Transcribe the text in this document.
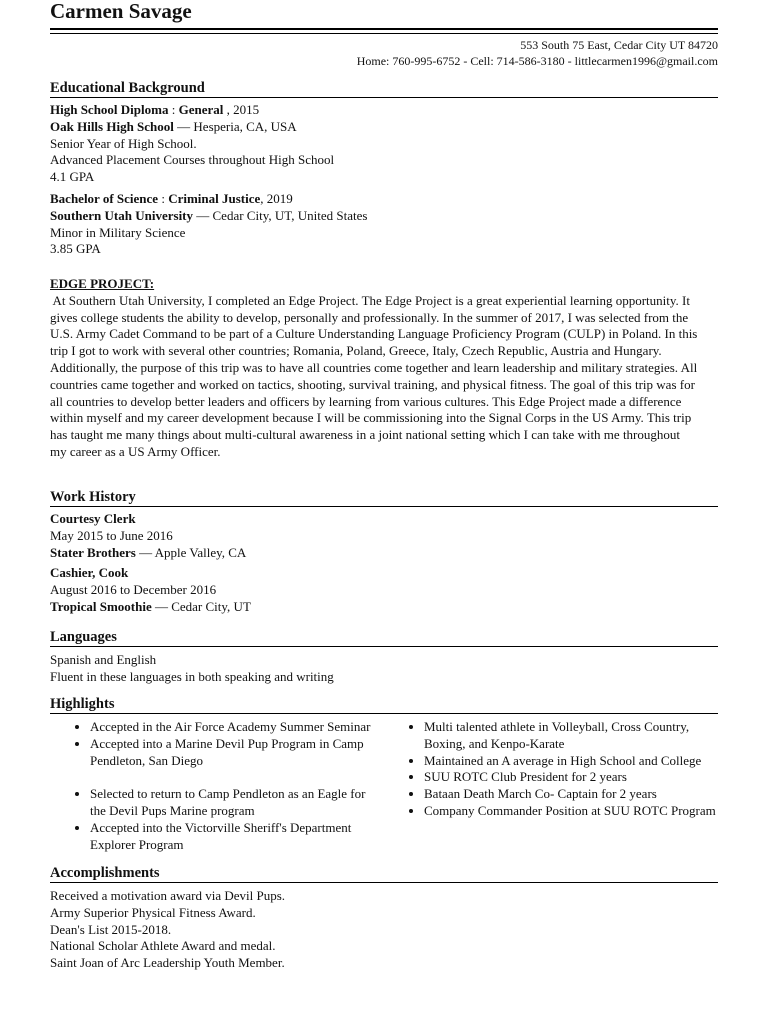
Carmen Savage
553 South 75 East, Cedar City UT 84720
Home: 760-995-6752 - Cell: 714-586-3180 - littlecarmen1996@gmail.com
Educational Background
High School Diploma : General , 2015
Oak Hills High School — Hesperia, CA, USA
Senior Year of High School.
Advanced Placement Courses throughout High School
4.1 GPA
Bachelor of Science : Criminal Justice, 2019
Southern Utah University — Cedar City, UT, United States
Minor in Military Science
3.85 GPA
EDGE PROJECT:
At Southern Utah University, I completed an Edge Project. The Edge Project is a great experiential learning opportunity. It
gives college students the ability to develop, personally and professionally. In the summer of 2017, I was selected from the
U.S. Army Cadet Command to be part of a Culture Understanding Language Proficiency Program (CULP) in Poland. In this
trip I got to work with several other countries; Romania, Poland, Greece, Italy, Czech Republic, Austria and Hungary.
Additionally, the purpose of this trip was to have all countries come together and learn leadership and military strategies. All
countries came together and worked on tactics, shooting, survival training, and physical fitness. The goal of this trip was for
all countries to develop better leaders and officers by learning from various cultures. This Edge Project made a difference
within myself and my career development because I will be commissioning into the Signal Corps in the US Army. This trip
has taught me many things about multi-cultural awareness in a joint national setting which I can take with me throughout
my career as a US Army Officer.
Work History
Courtesy Clerk
May 2015 to June 2016
Stater Brothers — Apple Valley, CA
Cashier, Cook
August 2016 to December 2016
Tropical Smoothie — Cedar City, UT
Languages
Spanish and English
Fluent in these languages in both speaking and writing
Highlights
• Accepted in the Air Force Academy Summer Seminar
• Accepted into a Marine Devil Pup Program in Camp Pendleton, San Diego
• Selected to return to Camp Pendleton as an Eagle for the Devil Pups Marine program
• Accepted into the Victorville Sheriff's Department Explorer Program
• Multi talented athlete in Volleyball, Cross Country, Boxing, and Kenpo-Karate
• Maintained an A average in High School and College
• SUU ROTC Club President for 2 years
• Bataan Death March Co- Captain for 2 years
• Company Commander Position at SUU ROTC Program
Accomplishments
Received a motivation award via Devil Pups.
Army Superior Physical Fitness Award.
Dean's List 2015-2018.
National Scholar Athlete Award and medal.
Saint Joan of Arc Leadership Youth Member.
